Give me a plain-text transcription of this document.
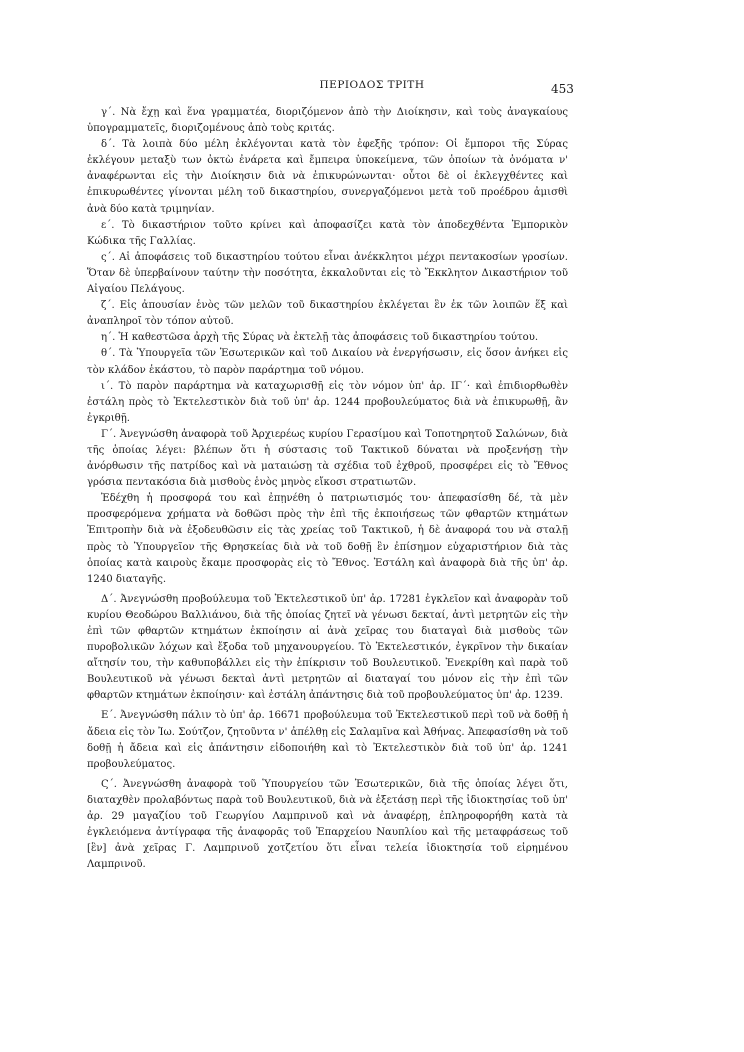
ΠΕΡΙΟΔΟΣ ΤΡΙΤΗ	453

γ΄. Νὰ ἔχῃ καὶ ἕνα γραμματέα, διοριζόμενον ἀπὸ τὴν Διοίκησιν, καὶ τοὺς ἀναγκαίους ὑπογραμματεῖς, διοριζομένους ἀπὸ τοὺς κριτάς.

δ΄. Τὰ λοιπὰ δύο μέλη ἐκλέγονται κατὰ τὸν ἐφεξῆς τρόπον: Οἱ ἔμποροι τῆς Σύρας ἐκλέγουν μεταξὺ των ὀκτὼ ἐνάρετα καὶ ἔμπειρα ὑποκείμενα, τῶν ὁποίων τὰ ὀνόματα ν' ἀναφέρωνται εἰς τὴν Διοίκησιν διὰ νὰ ἐπικυρώνωνται· οὗτοι δὲ οἱ ἐκλεγχθέντες καὶ ἐπικυρωθέντες γίνονται μέλη τοῦ δικαστηρίου, συνεργαζόμενοι μετὰ τοῦ προέδρου ἀμισθὶ ἀνὰ δύο κατὰ τριμηνίαν.

ε΄. Τὸ δικαστήριον τοῦτο κρίνει καὶ ἀποφασίζει κατὰ τὸν ἀποδεχθέντα Ἐμπορικὸν Κώδικα τῆς Γαλλίας.

ς΄. Αἱ ἀποφάσεις τοῦ δικαστηρίου τούτου εἶναι ἀνέκκλητοι μέχρι πεντακοσίων γροσίων. Ὅταν δὲ ὑπερβαίνουν ταύτην τὴν ποσότητα, ἐκκαλοῦνται εἰς τὸ Ἔκκλητον Δικαστήριον τοῦ Αἰγαίου Πελάγους.

ζ΄. Εἰς ἀπουσίαν ἑνὸς τῶν μελῶν τοῦ δικαστηρίου ἐκλέγεται ἓν ἐκ τῶν λοιπῶν ἕξ καὶ ἀναπληροῖ τὸν τόπον αὐτοῦ.

η΄. Ἡ καθεστῶσα ἀρχὴ τῆς Σύρας νὰ ἐκτελῇ τὰς ἀποφάσεις τοῦ δικαστηρίου τούτου.

θ΄. Τὰ Ὑπουργεῖα τῶν Ἐσωτερικῶν καὶ τοῦ Δικαίου νὰ ἐνεργήσωσιν, εἰς ὅσον ἀνήκει εἰς τὸν κλάδον ἑκάστου, τὸ παρὸν παράρτημα τοῦ νόμου.

ι΄. Τὸ παρὸν παράρτημα νὰ καταχωρισθῇ εἰς τὸν νόμον ὑπ' ἀρ. ΙΓ΄· καὶ ἐπιδιορθωθὲν ἐστάλη πρὸς τὸ Ἐκτελεστικὸν διὰ τοῦ ὑπ' ἀρ. 1244 προβουλεύματος διὰ νὰ ἐπικυρωθῇ, ἂν ἐγκριθῇ.

Γ΄. Ἀνεγνώσθη ἀναφορὰ τοῦ Ἀρχιερέως κυρίου Γερασίμου καὶ Τοποτηρητοῦ Σαλώνων, διὰ τῆς ὁποίας λέγει: βλέπων ὅτι ἡ σύστασις τοῦ Τακτικοῦ δύναται νὰ προξενήσῃ τὴν ἀνόρθωσιν τῆς πατρίδος καὶ νὰ ματαιώσῃ τὰ σχέδια τοῦ ἐχθροῦ, προσφέρει εἰς τὸ Ἔθνος γρόσια πεντακόσια διὰ μισθοὺς ἑνὸς μηνὸς εἴκοσι στρατιωτῶν.

Ἐδέχθη ἡ προσφορά του καὶ ἐπῃνέθη ὁ πατριωτισμός του· ἀπεφασίσθη δέ, τὰ μὲν προσφερόμενα χρήματα νὰ δοθῶσι πρὸς τὴν ἐπὶ τῆς ἐκποιήσεως τῶν φθαρτῶν κτημάτων Ἐπιτροπὴν διὰ νὰ ἐξοδευθῶσιν εἰς τὰς χρείας τοῦ Τακτικοῦ, ἡ δὲ ἀναφορά του νὰ σταλῇ πρὸς τὸ Ὑπουργεῖον τῆς Θρησκείας διὰ νὰ τοῦ δοθῇ ἓν ἐπίσημον εὐχαριστήριον διὰ τὰς ὁποίας κατὰ καιροὺς ἔκαμε προσφορὰς εἰς τὸ Ἔθνος. Ἐστάλη καὶ ἀναφορὰ διὰ τῆς ὑπ' ἀρ. 1240 διαταγῆς.

Δ΄. Ἀνεγνώσθη προβούλευμα τοῦ Ἐκτελεστικοῦ ὑπ' ἀρ. 17281 ἐγκλεῖον καὶ ἀναφορὰν τοῦ κυρίου Θεοδώρου Βαλλιάνου, διὰ τῆς ὁποίας ζητεῖ νὰ γένωσι δεκταί, ἀντὶ μετρητῶν εἰς τὴν ἐπὶ τῶν φθαρτῶν κτημάτων ἐκποίησιν αἱ ἀνὰ χεῖρας του διαταγαὶ διὰ μισθοὺς τῶν πυροβολικῶν λόχων καὶ ἔξοδα τοῦ μηχανουργείου. Τὸ Ἐκτελεστικόν, ἐγκρῖνον τὴν δικαίαν αἴτησίν του, τὴν καθυποβάλλει εἰς τὴν ἐπίκρισιν τοῦ Βουλευτικοῦ. Ἐνεκρίθη καὶ παρὰ τοῦ Βουλευτικοῦ νὰ γένωσι δεκταὶ ἀντὶ μετρητῶν αἱ διαταγαί του μόνον εἰς τὴν ἐπὶ τῶν φθαρτῶν κτημάτων ἐκποίησιν· καὶ ἐστάλη ἀπάντησις διὰ τοῦ προβουλεύματος ὑπ' ἀρ. 1239.

Ε΄. Ἀνεγνώσθη πάλιν τὸ ὑπ' ἀρ. 16671 προβούλευμα τοῦ Ἐκτελεστικοῦ περὶ τοῦ νὰ δοθῇ ἡ ἄδεια εἰς τὸν Ἰω. Σούτζον, ζητοῦντα ν' ἀπέλθῃ εἰς Σαλαμῖνα καὶ Ἀθήνας. Ἀπεφασίσθη νὰ τοῦ δοθῇ ἡ ἄδεια καὶ εἰς ἀπάντησιν εἰδοποιήθη καὶ τὸ Ἐκτελεστικὸν διὰ τοῦ ὑπ' ἀρ. 1241 προβουλεύματος.

Ϛ΄. Ἀνεγνώσθη ἀναφορὰ τοῦ Ὑπουργείου τῶν Ἐσωτερικῶν, διὰ τῆς ὁποίας λέγει ὅτι, διαταχθὲν προλαβόντως παρὰ τοῦ Βουλευτικοῦ, διὰ νὰ ἐξετάσῃ περὶ τῆς ἰδιοκτησίας τοῦ ὑπ' ἀρ. 29 μαγαζίου τοῦ Γεωργίου Λαμπρινοῦ καὶ νὰ ἀναφέρῃ, ἐπληροφορήθη κατὰ τὰ ἐγκλειόμενα ἀντίγραφα τῆς ἀναφορᾶς τοῦ Ἐπαρχείου Ναυπλίου καὶ τῆς μεταφράσεως τοῦ [ἓν] ἀνὰ χεῖρας Γ. Λαμπρινοῦ χοτζετίου ὅτι εἶναι τελεία ἰδιοκτησία τοῦ εἰρημένου Λαμπρινοῦ.
